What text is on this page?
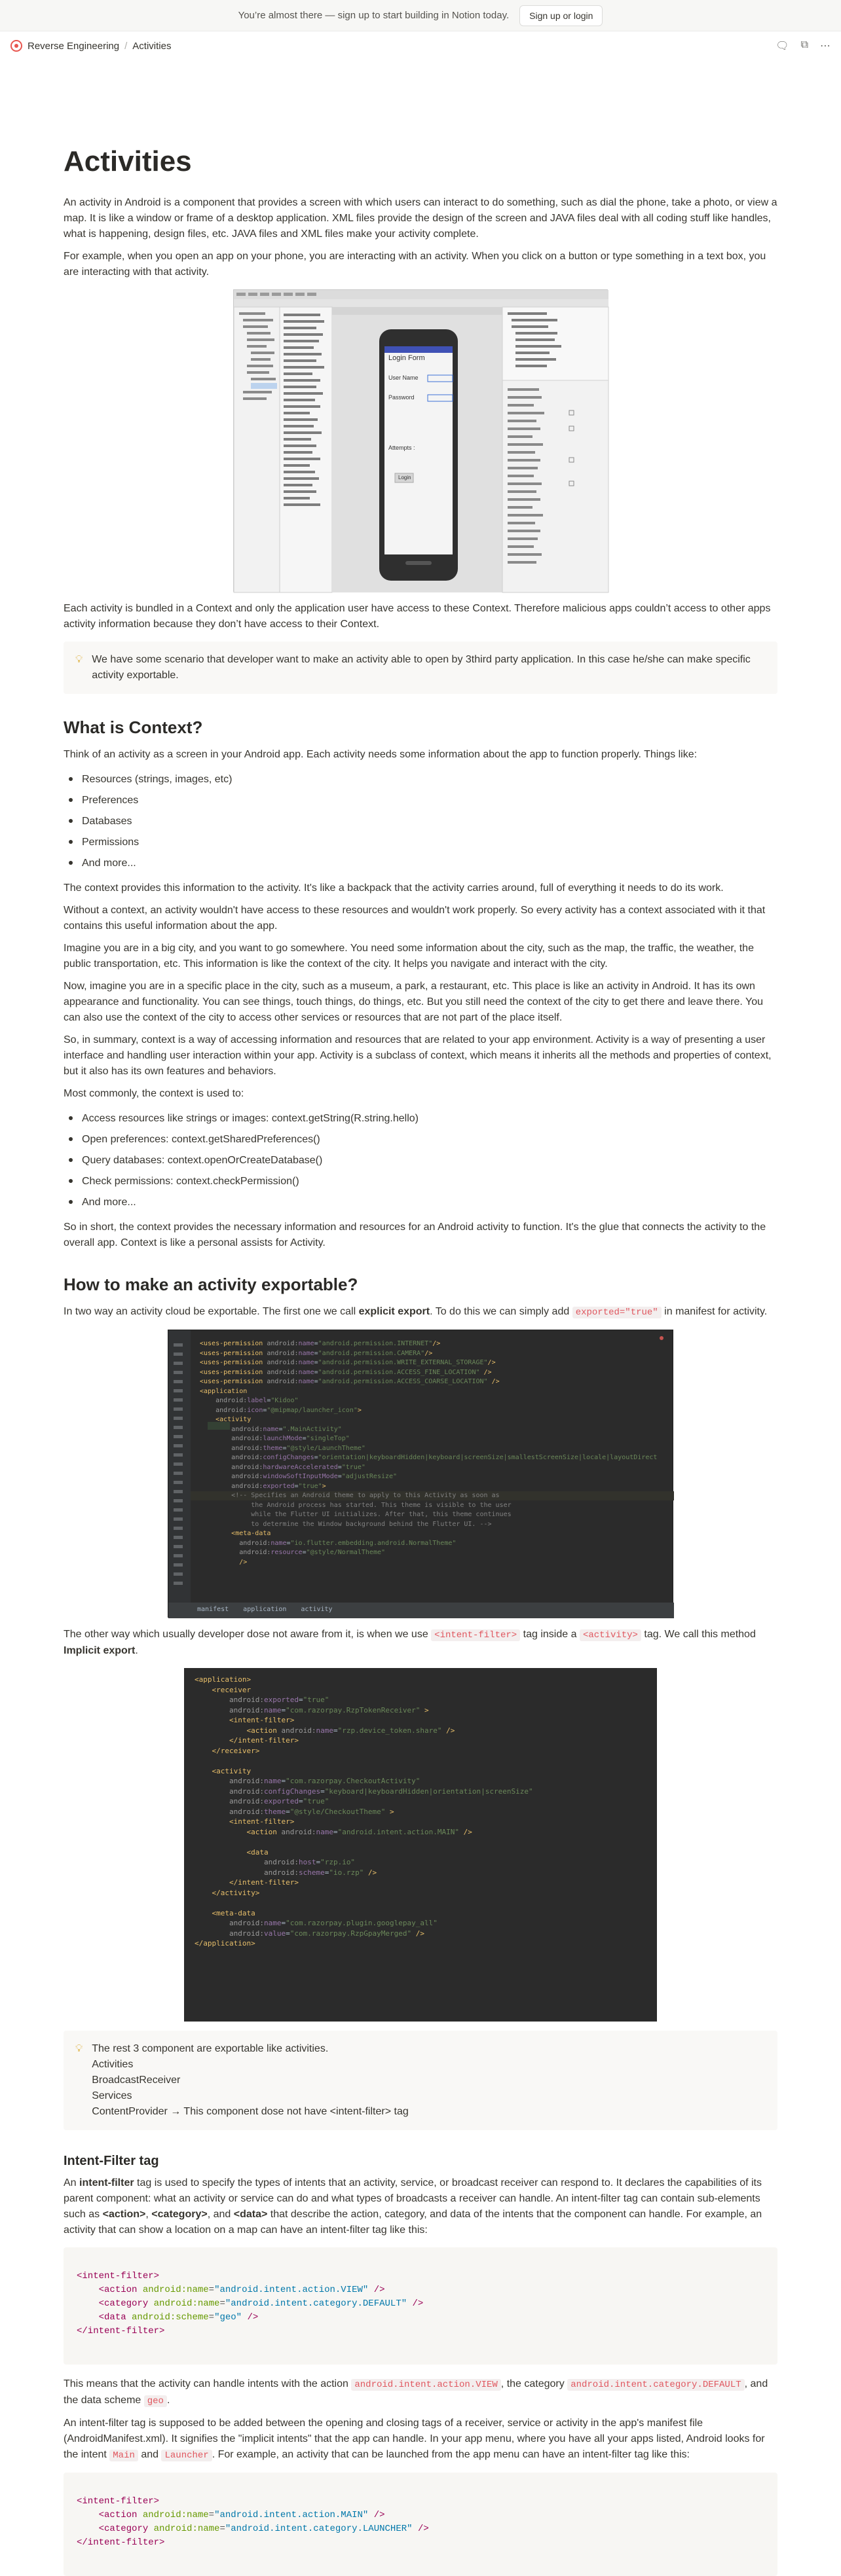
You’re almost there — sign up to start building in Notion today.	Sign up or login
Reverse Engineering / Activities	🗨︎ ⧉ ⋯
Activities

An activity in Android is a component that provides a screen with which users can interact to do something, such as dial the phone, take a photo, or view a map. It is like a window or frame of a desktop application. XML files provide the design of the screen and JAVA files deal with all coding stuff like handles, what is happening, design files, etc. JAVA files and XML files make your activity complete.

For example, when you open an app on your phone, you are interacting with an activity. When you click on a button or type something in a text box, you are interacting with that activity.

Login Form
User Name
Password
Attempts :
Login

Each activity is bundled in a Context and only the application user have access to these Context. Therefore malicious apps couldn’t access to other apps activity information because they don’t have access to their Context.

💡︎ We have some scenario that developer want to make an activity able to open by 3third party application. In this case he/she can make specific activity exportable.

What is Context?

Think of an activity as a screen in your Android app. Each activity needs some information about the app to function properly. Things like:

Resources (strings, images, etc)
Preferences
Databases
Permissions
And more...

The context provides this information to the activity. It's like a backpack that the activity carries around, full of everything it needs to do its work.

Without a context, an activity wouldn't have access to these resources and wouldn't work properly. So every activity has a context associated with it that contains this useful information about the app.

Imagine you are in a big city, and you want to go somewhere. You need some information about the city, such as the map, the traffic, the weather, the public transportation, etc. This information is like the context of the city. It helps you navigate and interact with the city.

Now, imagine you are in a specific place in the city, such as a museum, a park, a restaurant, etc. This place is like an activity in Android. It has its own appearance and functionality. You can see things, touch things, do things, etc. But you still need the context of the city to get there and leave there. You can also use the context of the city to access other services or resources that are not part of the place itself.

So, in summary, context is a way of accessing information and resources that are related to your app environment. Activity is a way of presenting a user interface and handling user interaction within your app. Activity is a subclass of context, which means it inherits all the methods and properties of context, but it also has its own features and behaviors.

Most commonly, the context is used to:

Access resources like strings or images: context.getString(R.string.hello)
Open preferences: context.getSharedPreferences()
Query databases: context.openOrCreateDatabase()
Check permissions: context.checkPermission()
And more...

So in short, the context provides the necessary information and resources for an Android activity to function. It's the glue that connects the activity to the overall app. Context is like a personal assists for Activity.

How to make an activity exportable?

In two way an activity cloud be exportable. The first one we call explicit export. To do this we can simply add exported="true" in manifest for activity.

<uses-permission android:name="android.permission.INTERNET"/>
<uses-permission android:name="android.permission.CAMERA"/>
<uses-permission android:name="android.permission.WRITE_EXTERNAL_STORAGE"/>
<uses-permission android:name="android.permission.ACCESS_FINE_LOCATION" />
<uses-permission android:name="android.permission.ACCESS_COARSE_LOCATION" />
<application
android:label="Kidoo"
android:icon="@mipmap/launcher_icon">
<activity
android:name=".MainActivity"
android:launchMode="singleTop"
android:theme="@style/LaunchTheme"
android:configChanges="orientation|keyboardHidden|keyboard|screenSize|smallestScreenSize|locale|layoutDirect
android:hardwareAccelerated="true"
android:windowSoftInputMode="adjustResize"
android:exported="true">
<!-- Specifies an Android theme to apply to this Activity as soon as
the Android process has started. This theme is visible to the user
while the Flutter UI initializes. After that, this theme continues
to determine the Window background behind the Flutter UI. -->
<meta-data
android:name="io.flutter.embedding.android.NormalTheme"
android:resource="@style/NormalTheme"
/>
manifest application activity

The other way which usually developer dose not aware from it, is when we use <intent-filter> tag inside a <activity> tag. We call this method Implicit export.

<application>
<receiver
android:exported="true"
android:name="com.razorpay.RzpTokenReceiver" >
<intent-filter>
<action android:name="rzp.device_token.share" />
</intent-filter>
</receiver>

<activity
android:name="com.razorpay.CheckoutActivity"
android:configChanges="keyboard|keyboardHidden|orientation|screenSize"
android:exported="true"
android:theme="@style/CheckoutTheme" >
<intent-filter>
<action android:name="android.intent.action.MAIN" />

<data
android:host="rzp.io"
android:scheme="io.rzp" />
</intent-filter>
</activity>

<meta-data
android:name="com.razorpay.plugin.googlepay_all"
android:value="com.razorpay.RzpGpayMerged" />
</application>
💡︎ The rest 3 component are exportable like activities.

Activities

BroadcastReceiver

Services

ContentProvider → This component dose not have <intent-filter> tag

Intent-Filter tag

An intent-filter tag is used to specify the types of intents that an activity, service, or broadcast receiver can respond to. It declares the capabilities of its parent component: what an activity or service can do and what types of broadcasts a receiver can handle. An intent-filter tag can contain sub-elements such as <action>, <category>, and <data> that describe the action, category, and data of the intents that the component can handle. For example, an activity that can show a location on a map can have an intent-filter tag like this:

<intent-filter>
<action android:name="android.intent.action.VIEW" />
<category android:name="android.intent.category.DEFAULT" />
<data android:scheme="geo" />
</intent-filter>

This means that the activity can handle intents with the action android.intent.action.VIEW , the category android.intent.category.DEFAULT , and the data scheme geo .

An intent-filter tag is supposed to be added between the opening and closing tags of a receiver, service or activity in the app's manifest file (AndroidManifest.xml). It signifies the "implicit intents" that the app can handle. In your app menu, where you have all your apps listed, Android looks for the intent Main and Launcher . For example, an activity that can be launched from the app menu can have an intent-filter tag like this:

<intent-filter>
<action android:name="android.intent.action.MAIN" />
<category android:name="android.intent.category.LAUNCHER" />
</intent-filter>
